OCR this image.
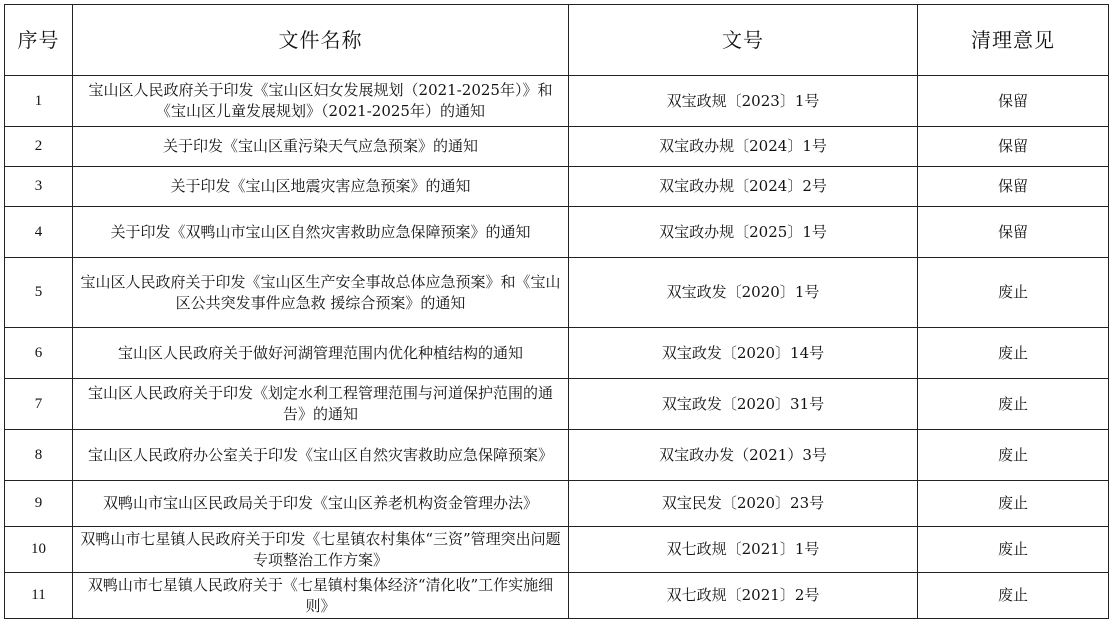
序号	文件名称	文号	清理意见
1	宝山区人民政府关于印发《宝山区妇女发展规划（2021-2025年）》和《宝山区儿童发展规划》（2021-2025年）的通知	双宝政规〔2023〕1号	保留
2	关于印发《宝山区重污染天气应急预案》的通知	双宝政办规〔2024〕1号	保留
3	关于印发《宝山区地震灾害应急预案》的通知	双宝政办规〔2024〕2号	保留
4	关于印发《双鸭山市宝山区自然灾害救助应急保障预案》的通知	双宝政办规〔2025〕1号	保留
5	宝山区人民政府关于印发《宝山区生产安全事故总体应急预案》和《宝山区公共突发事件应急救 援综合预案》的通知	双宝政发〔2020〕1号	废止
6	宝山区人民政府关于做好河湖管理范围内优化种植结构的通知	双宝政发〔2020〕14号	废止
7	宝山区人民政府关于印发《划定水利工程管理范围与河道保护范围的通告》的通知	双宝政发〔2020〕31号	废止
8	宝山区人民政府办公室关于印发《宝山区自然灾害救助应急保障预案》	双宝政办发（2021）3号	废止
9	双鸭山市宝山区民政局关于印发《宝山区养老机构资金管理办法》	双宝民发〔2020〕23号	废止
10	双鸭山市七星镇人民政府关于印发《七星镇农村集体“三资”管理突出问题专项整治工作方案》	双七政规〔2021〕1号	废止
11	双鸭山市七星镇人民政府关于《七星镇村集体经济“清化收”工作实施细则》	双七政规〔2021〕2号	废止
